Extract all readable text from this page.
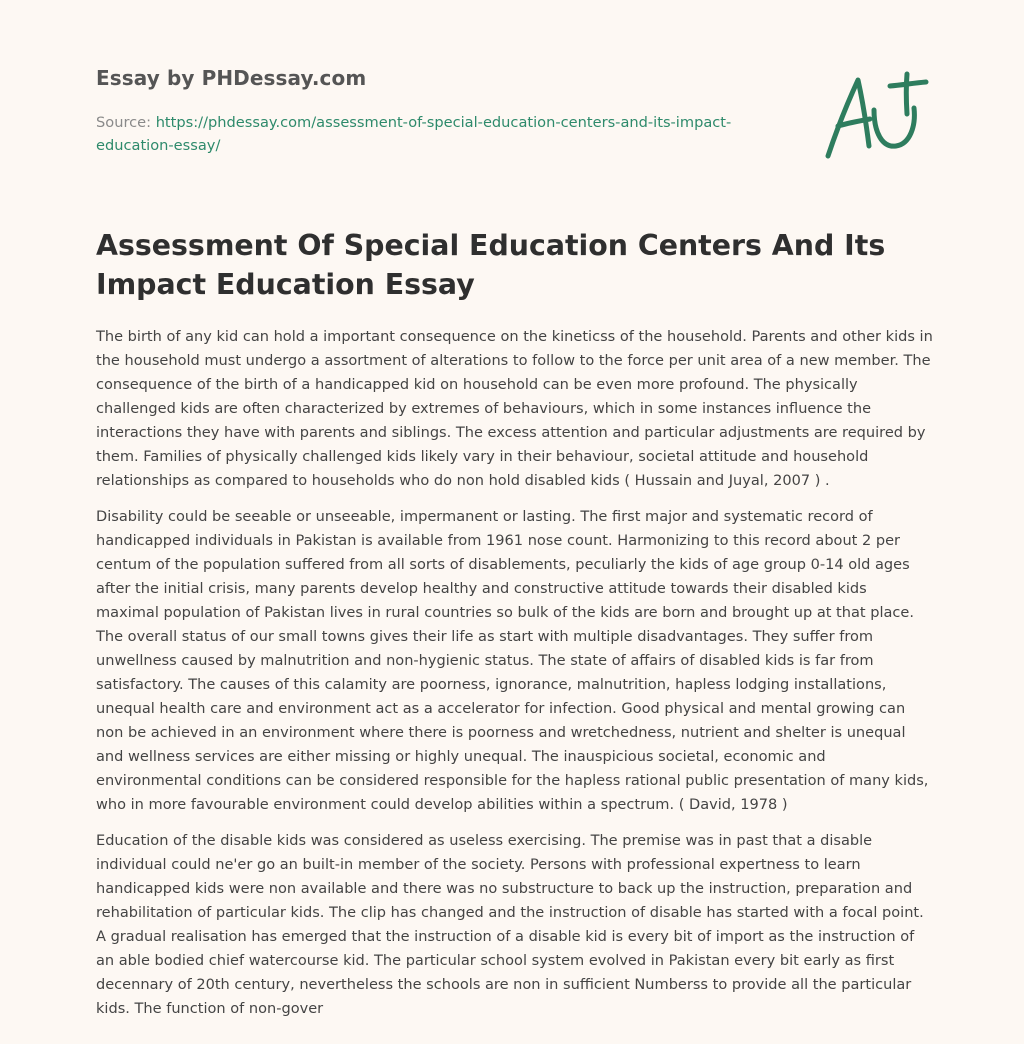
Essay by PHDessay.com
Source: https://phdessay.com/assessment-of-special-education-centers-and-its-impact-
education-essay/
Assessment Of Special Education Centers And Its Impact Education Essay

The birth of any kid can hold a important consequence on the kineticss of the household. Parents and other kids in the household must undergo a assortment of alterations to follow to the force per unit area of a new member. The consequence of the birth of a handicapped kid on household can be even more profound. The physically challenged kids are often characterized by extremes of behaviours, which in some instances influence the interactions they have with parents and siblings. The excess attention and particular adjustments are required by them. Families of physically challenged kids likely vary in their behaviour, societal attitude and household relationships as compared to households who do non hold disabled kids ( Hussain and Juyal, 2007 ) .

Disability could be seeable or unseeable, impermanent or lasting. The first major and systematic record of handicapped individuals in Pakistan is available from 1961 nose count. Harmonizing to this record about 2 per centum of the population suffered from all sorts of disablements, peculiarly the kids of age group 0-14 old ages after the initial crisis, many parents develop healthy and constructive attitude towards their disabled kids maximal population of Pakistan lives in rural countries so bulk of the kids are born and brought up at that place. The overall status of our small towns gives their life as start with multiple disadvantages. They suffer from unwellness caused by malnutrition and non-hygienic status. The state of affairs of disabled kids is far from satisfactory. The causes of this calamity are poorness, ignorance, malnutrition, hapless lodging installations, unequal health care and environment act as a accelerator for infection. Good physical and mental growing can non be achieved in an environment where there is poorness and wretchedness, nutrient and shelter is unequal and wellness services are either missing or highly unequal. The inauspicious societal, economic and environmental conditions can be considered responsible for the hapless rational public presentation of many kids, who in more favourable environment could develop abilities within a spectrum. ( David, 1978 )

Education of the disable kids was considered as useless exercising. The premise was in past that a disable individual could ne'er go an built-in member of the society. Persons with professional expertness to learn handicapped kids were non available and there was no substructure to back up the instruction, preparation and rehabilitation of particular kids. The clip has changed and the instruction of disable has started with a focal point. A gradual realisation has emerged that the instruction of a disable kid is every bit of import as the instruction of an able bodied chief watercourse kid. The particular school system evolved in Pakistan every bit early as first decennary of 20th century, nevertheless the schools are non in sufficient Numberss to provide all the particular kids. The function of non-gover
